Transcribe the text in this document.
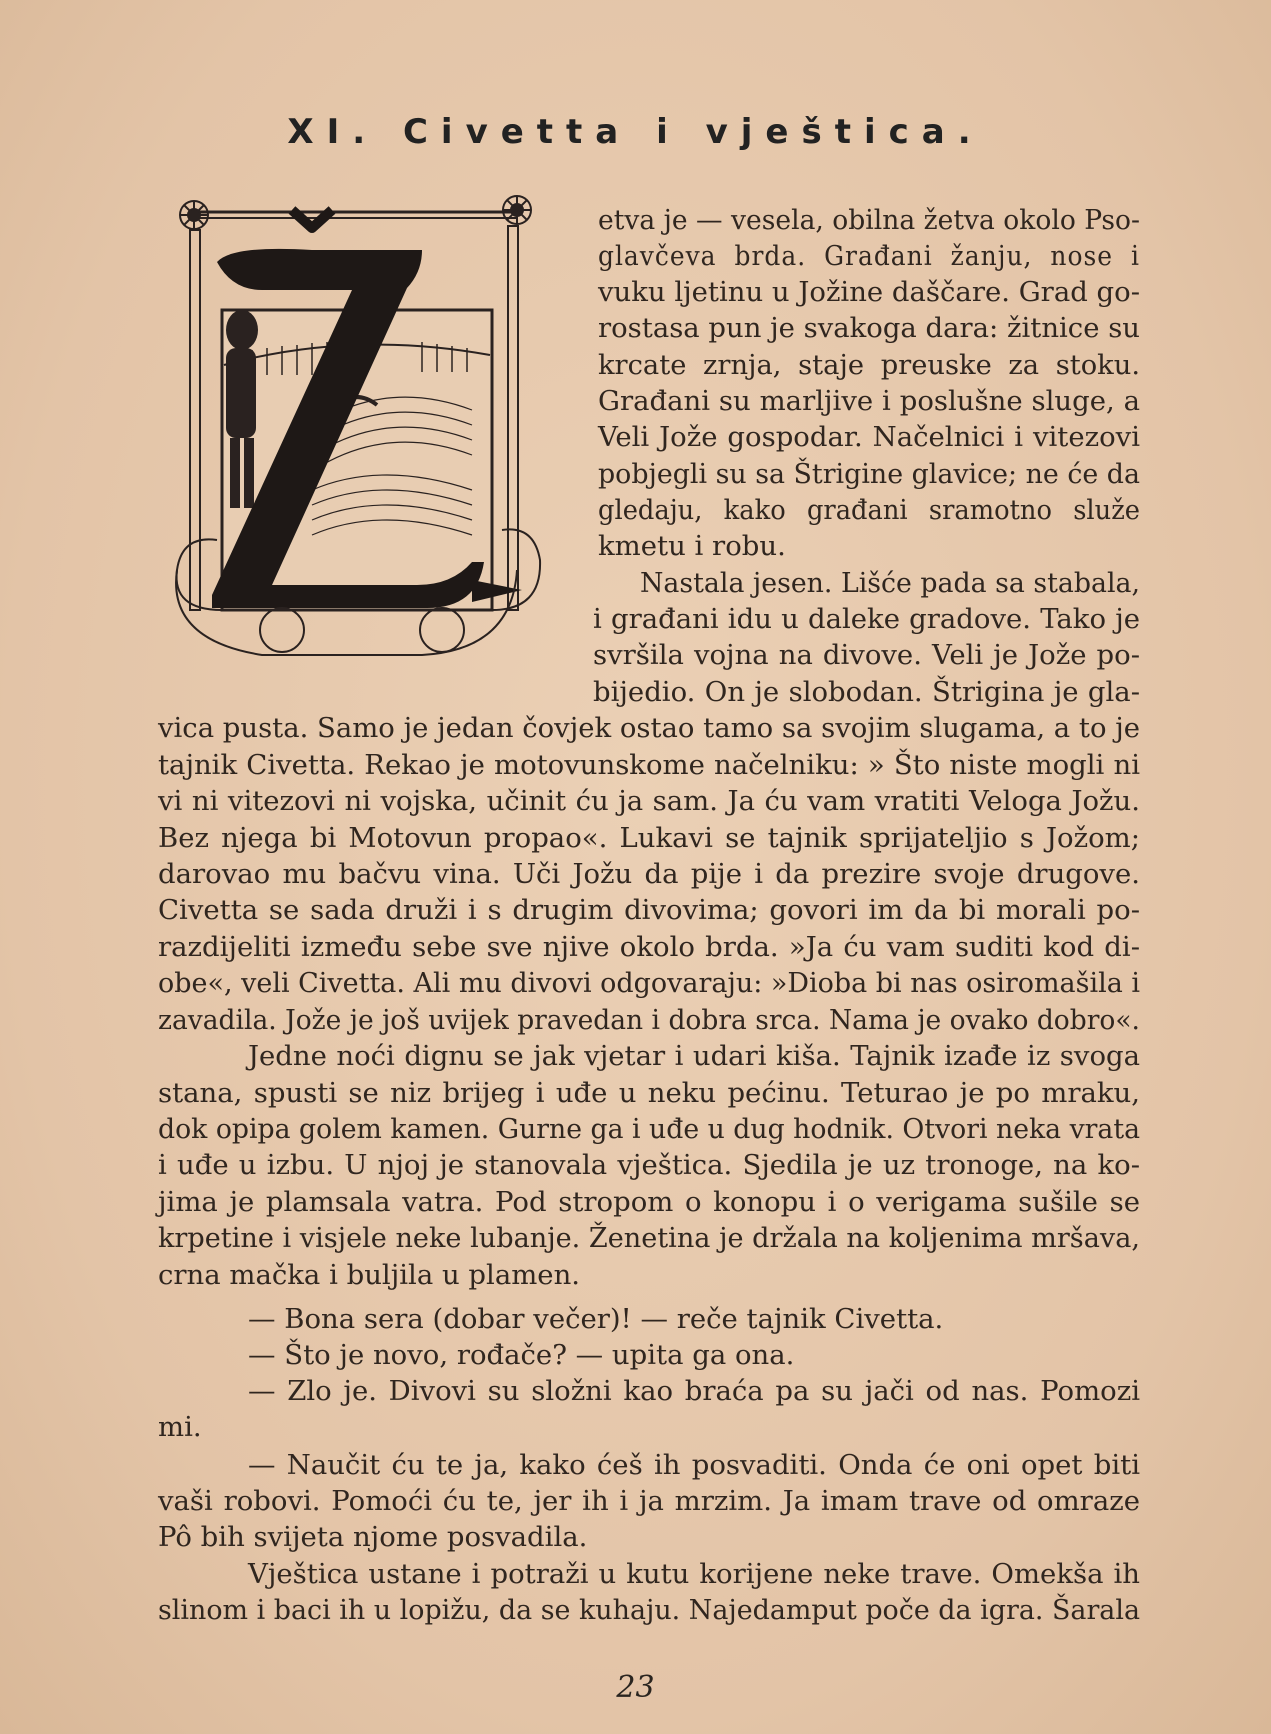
XI. Civetta i vještica.
etva je — vesela, obilna žetva okolo Pso-
glavčeva brda. Građani žanju, nose i
vuku ljetinu u Jožine daščare. Grad go-
rostasa pun je svakoga dara: žitnice su
krcate zrnja, staje preuske za stoku.
Građani su marljive i poslušne sluge, a
Veli Jože gospodar. Načelnici i vitezovi
pobjegli su sa Štrigine glavice; ne će da
gledaju, kako građani sramotno služe
kmetu i robu.
Nastala jesen. Lišće pada sa stabala,
i građani idu u daleke gradove. Tako je
svršila vojna na divove. Veli je Jože po-
bijedio. On je slobodan. Štrigina je gla-
vica pusta. Samo je jedan čovjek ostao tamo sa svojim slugama, a to je
tajnik Civetta. Rekao je motovunskome načelniku: » Što niste mogli ni
vi ni vitezovi ni vojska, učinit ću ja sam. Ja ću vam vratiti Veloga Jožu.
Bez njega bi Motovun propao«. Lukavi se tajnik sprijateljio s Jožom;
darovao mu bačvu vina. Uči Jožu da pije i da prezire svoje drugove.
Civetta se sada druži i s drugim divovima; govori im da bi morali po-
razdijeliti između sebe sve njive okolo brda. »Ja ću vam suditi kod di-
obe«, veli Civetta. Ali mu divovi odgovaraju: »Dioba bi nas osiromašila i
zavadila. Jože je još uvijek pravedan i dobra srca. Nama je ovako dobro«.
Jedne noći dignu se jak vjetar i udari kiša. Tajnik izađe iz svoga
stana, spusti se niz brijeg i uđe u neku pećinu. Teturao je po mraku,
dok opipa golem kamen. Gurne ga i uđe u dug hodnik. Otvori neka vrata
i uđe u izbu. U njoj je stanovala vještica. Sjedila je uz tronoge, na ko-
jima je plamsala vatra. Pod stropom o konopu i o verigama sušile se
krpetine i visjele neke lubanje. Ženetina je držala na koljenima mršava,
crna mačka i buljila u plamen.
— Bona sera (dobar večer)! — reče tajnik Civetta.
— Što je novo, rođače? — upita ga ona.
— Zlo je. Divovi su složni kao braća pa su jači od nas. Pomozi
mi.
— Naučit ću te ja, kako ćeš ih posvaditi. Onda će oni opet biti
vaši robovi. Pomoći ću te, jer ih i ja mrzim. Ja imam trave od omraze
Pô bih svijeta njome posvadila.
Vještica ustane i potraži u kutu korijene neke trave. Omekša ih
slinom i baci ih u lopižu, da se kuhaju. Najedamput poče da igra. Šarala
23
